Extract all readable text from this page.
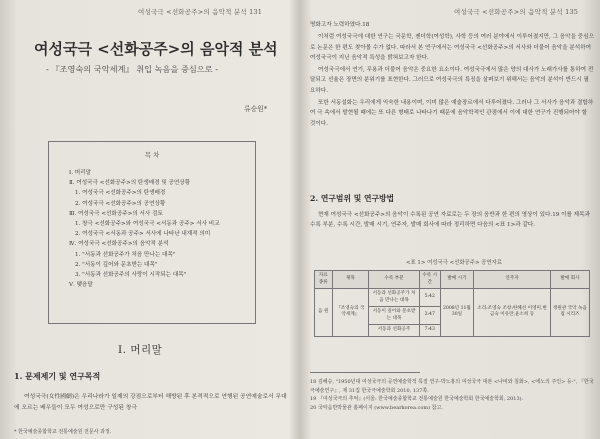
여성국극 <선화공주>의 음악적 분석 131
여성국극 <선화공주>의 음악적 분석
- 『조영숙의 국악세계』 취입 녹음을 중심으로 -
류승원*
목 차
Ⅰ. 머리말
Ⅱ. 여성국극 <선화공주>의 탄생배경 및 공연상황
1. 여성국극 <선화공주>의 탄생배경
2. 여성국극 <선화공주>의 공연상황
Ⅲ. 여성국극 <선화공주>의 서사 검토
1. 창극 <선화공주>와 여성국극 <서동과 공주> 서사 비교
2. 여성국극 <서동과 공주> 서사에 나타난 내재적 의미
Ⅳ. 여성국극 <선화공주>의 음악적 분석
1. "서동과 선화공주가 처음 만나는 대목"
2. "서동이 깊어와 문초받는 대목"
3. "서동과 선화공주의 사랑이 시작되는 대목"
Ⅴ. 맺음말
Ⅰ. 머리말
1. 문제제기 및 연구목적

여성국극(女性國劇)은 우리나라가 일제의 강점으로부터 해방된 후 본격적으로 연행된 공연예술로서 무대에 오르는 배우들이 모두 여성으로만 구성된 창극

* 한국예술종합학교 전통예술원 전문사 과정.
여성국극 <선화공주>의 음악적 분석 135

명화고자 노력하였다.18

이처럼 여성국극에 대한 연구는 국문학, 젠더학(여성학), 사학 등의 여러 분야에서 이루어졌지만, 그 음악을 중심으로 논문은 한 편도 찾아볼 수가 없다. 따라서 본 연구에서는 여성국극 <선화공주>의 서사와 더불어 음악을 분석하여 여성국극이 지닌 음악적 특성을 밝혀보고자 한다.

여성국극에서 연기, 무용과 더불어 음악은 중요한 요소이다. 여성국극에서 많은 양의 대사가 노래가사를 통하여 전달되고 선율은 장면의 분위기를 표현한다. 그러므로 여성국극의 특징을 살펴보기 위해서는 음악의 분석이 반드시 필요하다.

또한 서동설화는 우리에게 익숙한 내용이며, 이미 많은 예술장르에서 다루어졌다. 그러나 그 서사가 음악과 결합하여 극 속에서 발현될 때에는 또 다른 형태로 나타나기 때문에 음악학적인 관점에서 이에 대한 연구가 진행되어야 할 것이다.

2. 연구범위 및 연구방법

현재 여성국극 <선화공주>의 음악이 수록된 공연 자료로는 두 장의 음반과 한 편의 영상이 있다.19 이를 제목과 수록 부분, 수록 시간, 발매 시기, 연주자, 발매 회사에 따라 정리하면 다음의 <표 1>과 같다.

<표 1> 여성국극 <선화공주> 공연자료
자료종류	제목	수록 부분	수록 시간	발매 시기	연주자	발매 회사
음 원	『조영숙의 국악세계』	서동과 선화공주가 처음 만나는 대목	5:42	2008년 11월 30일	소리:조영숙 조창:한혜선 이영미,변금숙 이유란,윤소희 등	정원관 국악 녹음집 시리즈
		서동이 깊어와 문초받는 대목	3:47			
		서동과 선화공주	7:43			

18 김혜승, "1950년대 여성국극의 공연예술학적 특질 연구-박노홍의 여성국극 대본 <나비와 칠화>, <에노의 주인> 등-", 『한국극예술연구』, 제 31집 한국극예술학회 2010, 137쪽.

19 『여성국극의 추억』(서울: 한국예술종합학교 전통예술원 한국예술학회 한국예술학회, 2013).

20 국악음반박물관 홈페이지 (www.bearkorea.com) 참고.
